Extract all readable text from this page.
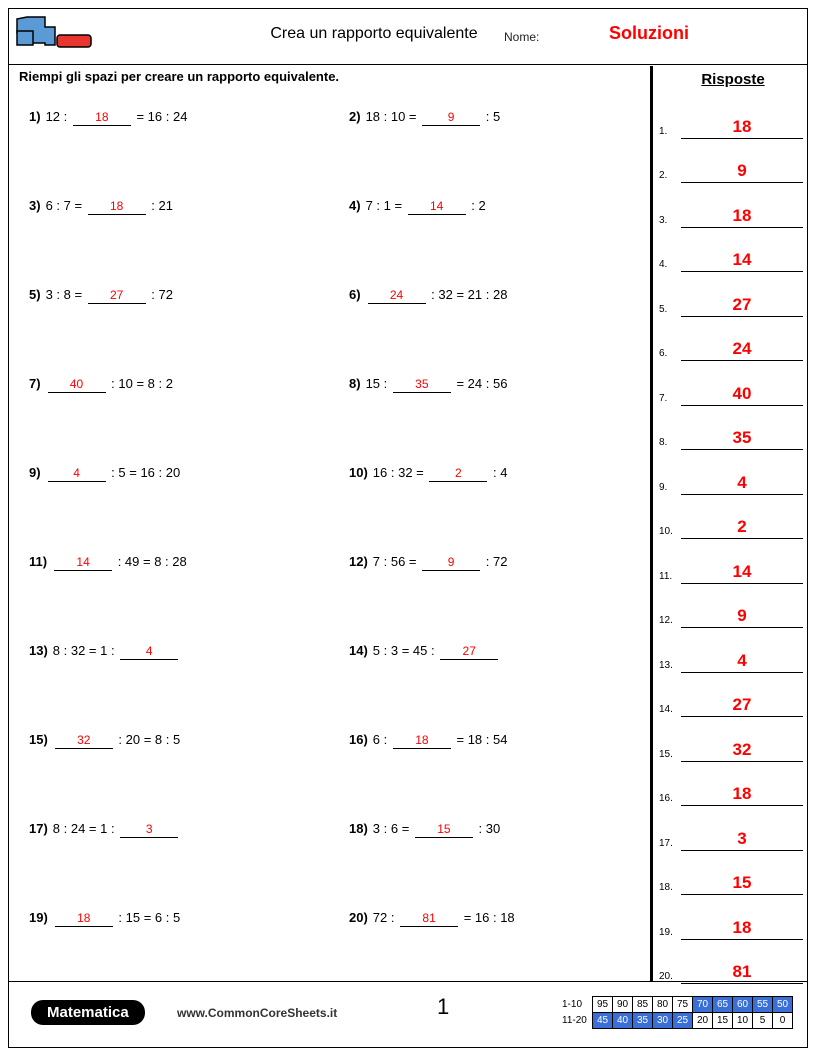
Crea un rapporto equivalente	Nome:	Soluzioni
Riempi gli spazi per creare un rapporto equivalente.
1) 12 : 18 = 16 : 24	2) 18 : 10 = 9 : 5
3) 6 : 7 = 18 : 21	4) 7 : 1 = 14 : 2
5) 3 : 8 = 27 : 72	6) 24 : 32 = 21 : 28
7) 40 : 10 = 8 : 2	8) 15 : 35 = 24 : 56
9)	4 : 5 = 16 : 20	10) 16 : 32 = 2 : 4
11) 14 : 49 = 8 : 28	12) 7 : 56 = 9 : 72
13) 8 : 32 = 1 : 4	14) 5 : 3 = 45 : 27
15) 32 : 20 = 8 : 5	16) 6 : 18 = 18 : 54
17) 8 : 24 = 1 : 3	18) 3 : 6 = 15 : 30
19) 18 : 15 = 6 : 5	20) 72 : 81 = 16 : 18
Risposte
1.	18
2.	9
3.	18
4.	14
5.	27
6.	24
7.	40
8.	35
9.	4
10.	2
11.	14
12.	9
13.	4
14.	27
15.	32
16.	18
17.	3
18.	15
19.	18
20.	81
Matematica	www.CommonCoreSheets.it	1	1-10	95	90	85	80	75	70	65	60	55	50
11-20	45	40	35	30	25	20	15	10	5	0
